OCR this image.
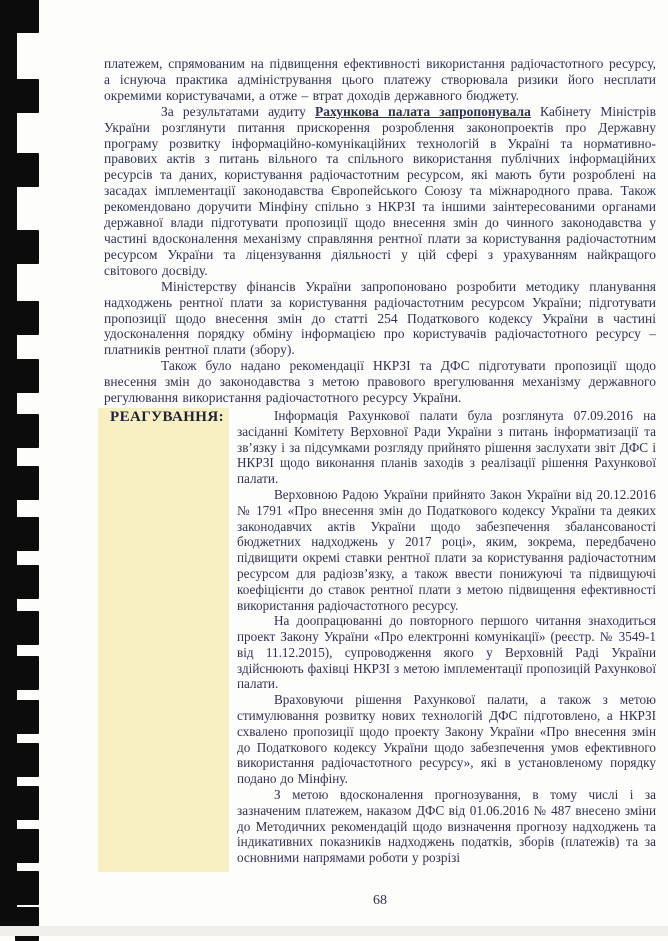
платежем, спрямованим на підвищення ефективності використання радіочастотного ресурсу, а існуюча практика адміністрування цього платежу створювала ризики його несплати окремими користувачами, а отже – втрат доходів державного бюджету.

За результатами аудиту Рахункова палата запропонувала Кабінету Міністрів України розглянути питання прискорення розроблення законопроектів про Державну програму розвитку інформаційно-комунікаційних технологій в Україні та нормативно-правових актів з питань вільного та спільного використання публічних інформаційних ресурсів та даних, користування радіочастотним ресурсом, які мають бути розроблені на засадах імплементації законодавства Європейського Союзу та міжнародного права. Також рекомендовано доручити Мінфіну спільно з НКРЗІ та іншими заінтересованими органами державної влади підготувати пропозиції щодо внесення змін до чинного законодавства у частині вдосконалення механізму справляння рентної плати за користування радіочастотним ресурсом України та ліцензування діяльності у цій сфері з урахуванням найкращого світового досвіду.

Міністерству фінансів України запропоновано розробити методику планування надходжень рентної плати за користування радіочастотним ресурсом України; підготувати пропозиції щодо внесення змін до статті 254 Податкового кодексу України в частині удосконалення порядку обміну інформацією про користувачів радіочастотного ресурсу – платників рентної плати (збору).

Також було надано рекомендації НКРЗІ та ДФС підготувати пропозиції щодо внесення змін до законодавства з метою правового врегулювання механізму державного регулювання використання радіочастотного ресурсу України.

РЕАГУВАННЯ:	Інформація Рахункової палати була розглянута 07.09.2016 на засіданні Комітету Верховної Ради України з питань інформатизації та зв’язку і за підсумками розгляду прийнято рішення заслухати звіт ДФС і НКРЗІ щодо виконання планів заходів з реалізації рішення Рахункової палати.

Верховною Радою України прийнято Закон України від 20.12.2016 № 1791 «Про внесення змін до Податкового кодексу України та деяких законодавчих актів України щодо забезпечення збалансованості бюджетних надходжень у 2017 році», яким, зокрема, передбачено підвищити окремі ставки рентної плати за користування радіочастотним ресурсом для радіозв’язку, а також ввести понижуючі та підвищуючі коефіцієнти до ставок рентної плати з метою підвищення ефективності використання радіочастотного ресурсу.

На доопрацюванні до повторного першого читання знаходиться проект Закону України «Про електронні комунікації» (реєстр. № 3549-1 від 11.12.2015), супроводження якого у Верховній Раді України здійснюють фахівці НКРЗІ з метою імплементації пропозицій Рахункової палати.

Враховуючи рішення Рахункової палати, а також з метою стимулювання розвитку нових технологій ДФС підготовлено, а НКРЗІ схвалено пропозиції щодо проекту Закону України «Про внесення змін до Податкового кодексу України щодо забезпечення умов ефективного використання радіочастотного ресурсу», які в установленому порядку подано до Мінфіну.

З метою вдосконалення прогнозування, в тому числі і за зазначеним платежем, наказом ДФС від 01.06.2016 № 487 внесено зміни до Методичних рекомендацій щодо визначення прогнозу надходжень та індикативних показників надходжень податків, зборів (платежів) та за основними напрямами роботи у розрізі

68
